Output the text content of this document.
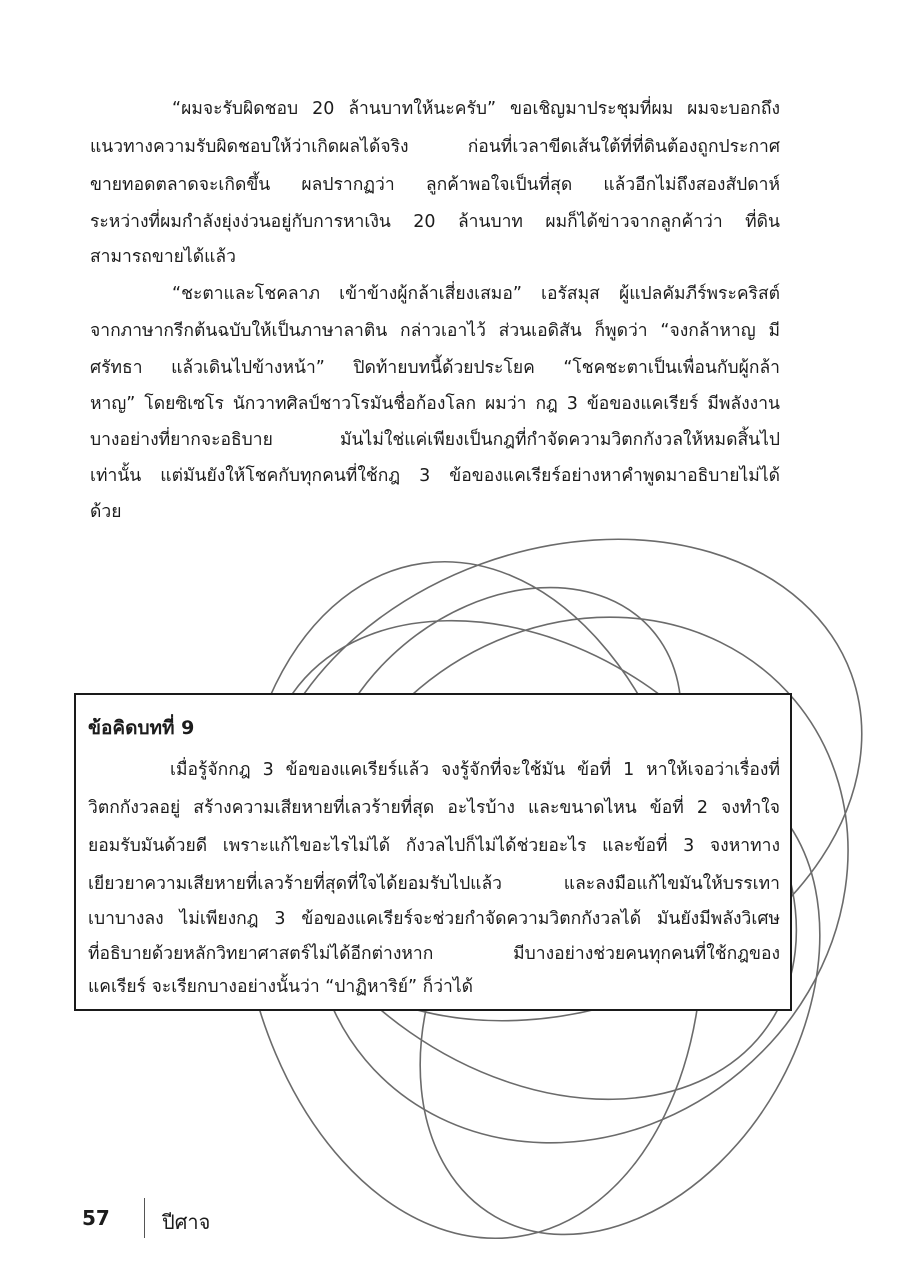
“ผมจะรับผิดชอบ 20 ล้านบาทให้นะครับ” ขอเชิญมาประชุมที่ผม ผมจะบอกถึง
แนวทางความรับผิดชอบให้ว่าเกิดผลได้จริง ก่อนที่เวลาขีดเส้นใต้ที่ที่ดินต้องถูกประกาศ
ขายทอดตลาดจะเกิดขึ้น ผลปรากฏว่า ลูกค้าพอใจเป็นที่สุด แล้วอีกไม่ถึงสองสัปดาห์
ระหว่างที่ผมกำลังยุ่งง่วนอยู่กับการหาเงิน 20 ล้านบาท ผมก็ได้ข่าวจากลูกค้าว่า ที่ดิน
สามารถขายได้แล้ว
“ชะตาและโชคลาภ เข้าข้างผู้กล้าเสี่ยงเสมอ” เอรัสมุส ผู้แปลคัมภีร์พระคริสต์
จากภาษากรีกต้นฉบับให้เป็นภาษาลาติน กล่าวเอาไว้ ส่วนเอดิสัน ก็พูดว่า “จงกล้าหาญ มี
ศรัทธา แล้วเดินไปข้างหน้า” ปิดท้ายบทนี้ด้วยประโยค “โชคชะตาเป็นเพื่อนกับผู้กล้า
หาญ” โดยซิเซโร นักวาทศิลป์ชาวโรมันชื่อก้องโลก ผมว่า กฎ 3 ข้อของแคเรียร์ มีพลังงาน
บางอย่างที่ยากจะอธิบาย มันไม่ใช่แค่เพียงเป็นกฎที่กำจัดความวิตกกังวลให้หมดสิ้นไป
เท่านั้น แต่มันยังให้โชคกับทุกคนที่ใช้กฎ 3 ข้อของแคเรียร์อย่างหาคำพูดมาอธิบายไม่ได้
ด้วย
ข้อคิดบทที่ 9
เมื่อรู้จักกฎ 3 ข้อของแคเรียร์แล้ว จงรู้จักที่จะใช้มัน ข้อที่ 1 หาให้เจอว่าเรื่องที่
วิตกกังวลอยู่ สร้างความเสียหายที่เลวร้ายที่สุด อะไรบ้าง และขนาดไหน ข้อที่ 2 จงทำใจ
ยอมรับมันด้วยดี เพราะแก้ไขอะไรไม่ได้ กังวลไปก็ไม่ได้ช่วยอะไร และข้อที่ 3 จงหาทาง
เยียวยาความเสียหายที่เลวร้ายที่สุดที่ใจได้ยอมรับไปแล้ว และลงมือแก้ไขมันให้บรรเทา
เบาบางลง ไม่เพียงกฎ 3 ข้อของแคเรียร์จะช่วยกำจัดความวิตกกังวลได้ มันยังมีพลังวิเศษ
ที่อธิบายด้วยหลักวิทยาศาสตร์ไม่ได้อีกต่างหาก มีบางอย่างช่วยคนทุกคนที่ใช้กฎของ
แคเรียร์ จะเรียกบางอย่างนั้นว่า “ปาฏิหาริย์” ก็ว่าได้
57	ปีศาจ
